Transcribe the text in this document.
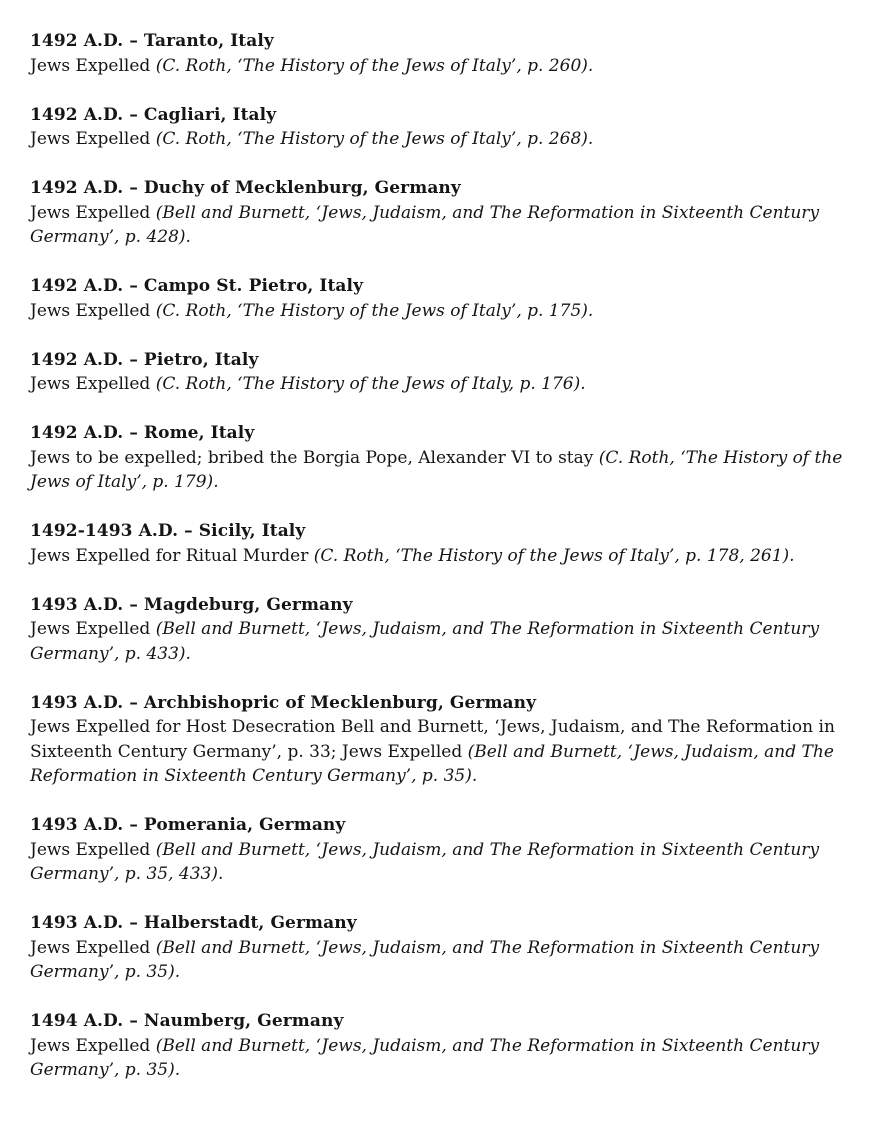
1492 A.D. – Taranto, Italy
Jews Expelled (C. Roth, ‘The History of the Jews of Italy’, p. 260).
1492 A.D. – Cagliari, Italy
Jews Expelled (C. Roth, ‘The History of the Jews of Italy’, p. 268).
1492 A.D. – Duchy of Mecklenburg, Germany
Jews Expelled (Bell and Burnett, ‘Jews, Judaism, and The Reformation in Sixteenth Century Germany’, p. 428).
1492 A.D. – Campo St. Pietro, Italy
Jews Expelled (C. Roth, ‘The History of the Jews of Italy’, p. 175).
1492 A.D. – Pietro, Italy
Jews Expelled (C. Roth, ‘The History of the Jews of Italy, p. 176).
1492 A.D. – Rome, Italy
Jews to be expelled; bribed the Borgia Pope, Alexander VI to stay (C. Roth, ‘The History of the Jews of Italy’, p. 179).
1492-1493 A.D. – Sicily, Italy
Jews Expelled for Ritual Murder (C. Roth, ‘The History of the Jews of Italy’, p. 178, 261).
1493 A.D. – Magdeburg, Germany
Jews Expelled (Bell and Burnett, ‘Jews, Judaism, and The Reformation in Sixteenth Century Germany’, p. 433).
1493 A.D. – Archbishopric of Mecklenburg, Germany
Jews Expelled for Host Desecration Bell and Burnett, ‘Jews, Judaism, and The Reformation in Sixteenth Century Germany’, p. 33; Jews Expelled (Bell and Burnett, ‘Jews, Judaism, and The Reformation in Sixteenth Century Germany’, p. 35).
1493 A.D. – Pomerania, Germany
Jews Expelled (Bell and Burnett, ‘Jews, Judaism, and The Reformation in Sixteenth Century Germany’, p. 35, 433).
1493 A.D. – Halberstadt, Germany
Jews Expelled (Bell and Burnett, ‘Jews, Judaism, and The Reformation in Sixteenth Century Germany’, p. 35).
1494 A.D. – Naumberg, Germany
Jews Expelled (Bell and Burnett, ‘Jews, Judaism, and The Reformation in Sixteenth Century Germany’, p. 35).
